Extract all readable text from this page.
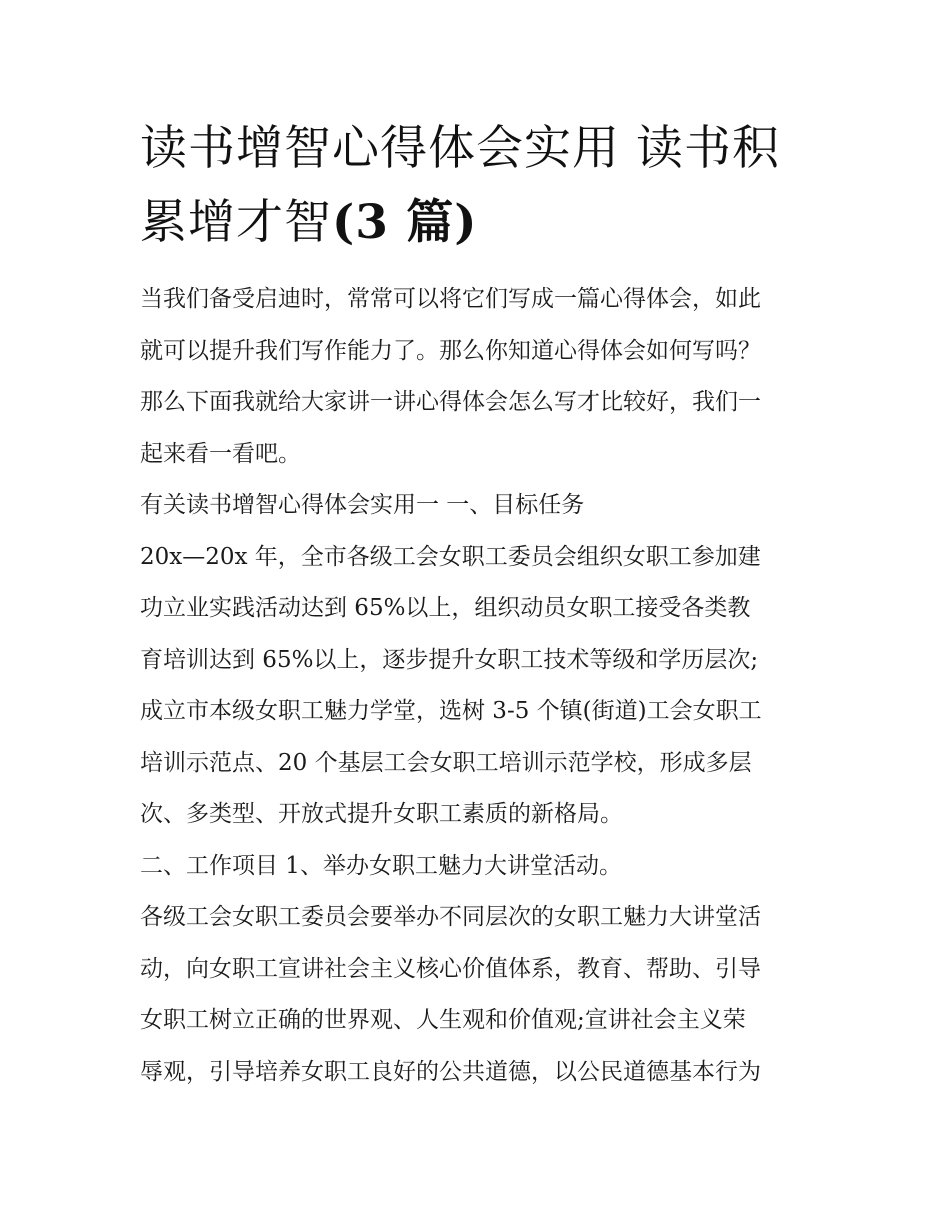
读书增智心得体会实用 读书积
累增才智(3 篇)

当我们备受启迪时，常常可以将它们写成一篇心得体会，如此
就可以提升我们写作能力了。那么你知道心得体会如何写吗？
那么下面我就给大家讲一讲心得体会怎么写才比较好，我们一
起来看一看吧。

有关读书增智心得体会实用一 一、目标任务

20x—20x 年，全市各级工会女职工委员会组织女职工参加建
功立业实践活动达到 65%以上，组织动员女职工接受各类教
育培训达到 65%以上，逐步提升女职工技术等级和学历层次;
成立市本级女职工魅力学堂，选树 3-5 个镇(街道)工会女职工
培训示范点、20 个基层工会女职工培训示范学校，形成多层
次、多类型、开放式提升女职工素质的新格局。

二、工作项目 1、举办女职工魅力大讲堂活动。

各级工会女职工委员会要举办不同层次的女职工魅力大讲堂活
动，向女职工宣讲社会主义核心价值体系，教育、帮助、引导
女职工树立正确的世界观、人生观和价值观;宣讲社会主义荣
辱观，引导培养女职工良好的公共道德，以公民道德基本行为
